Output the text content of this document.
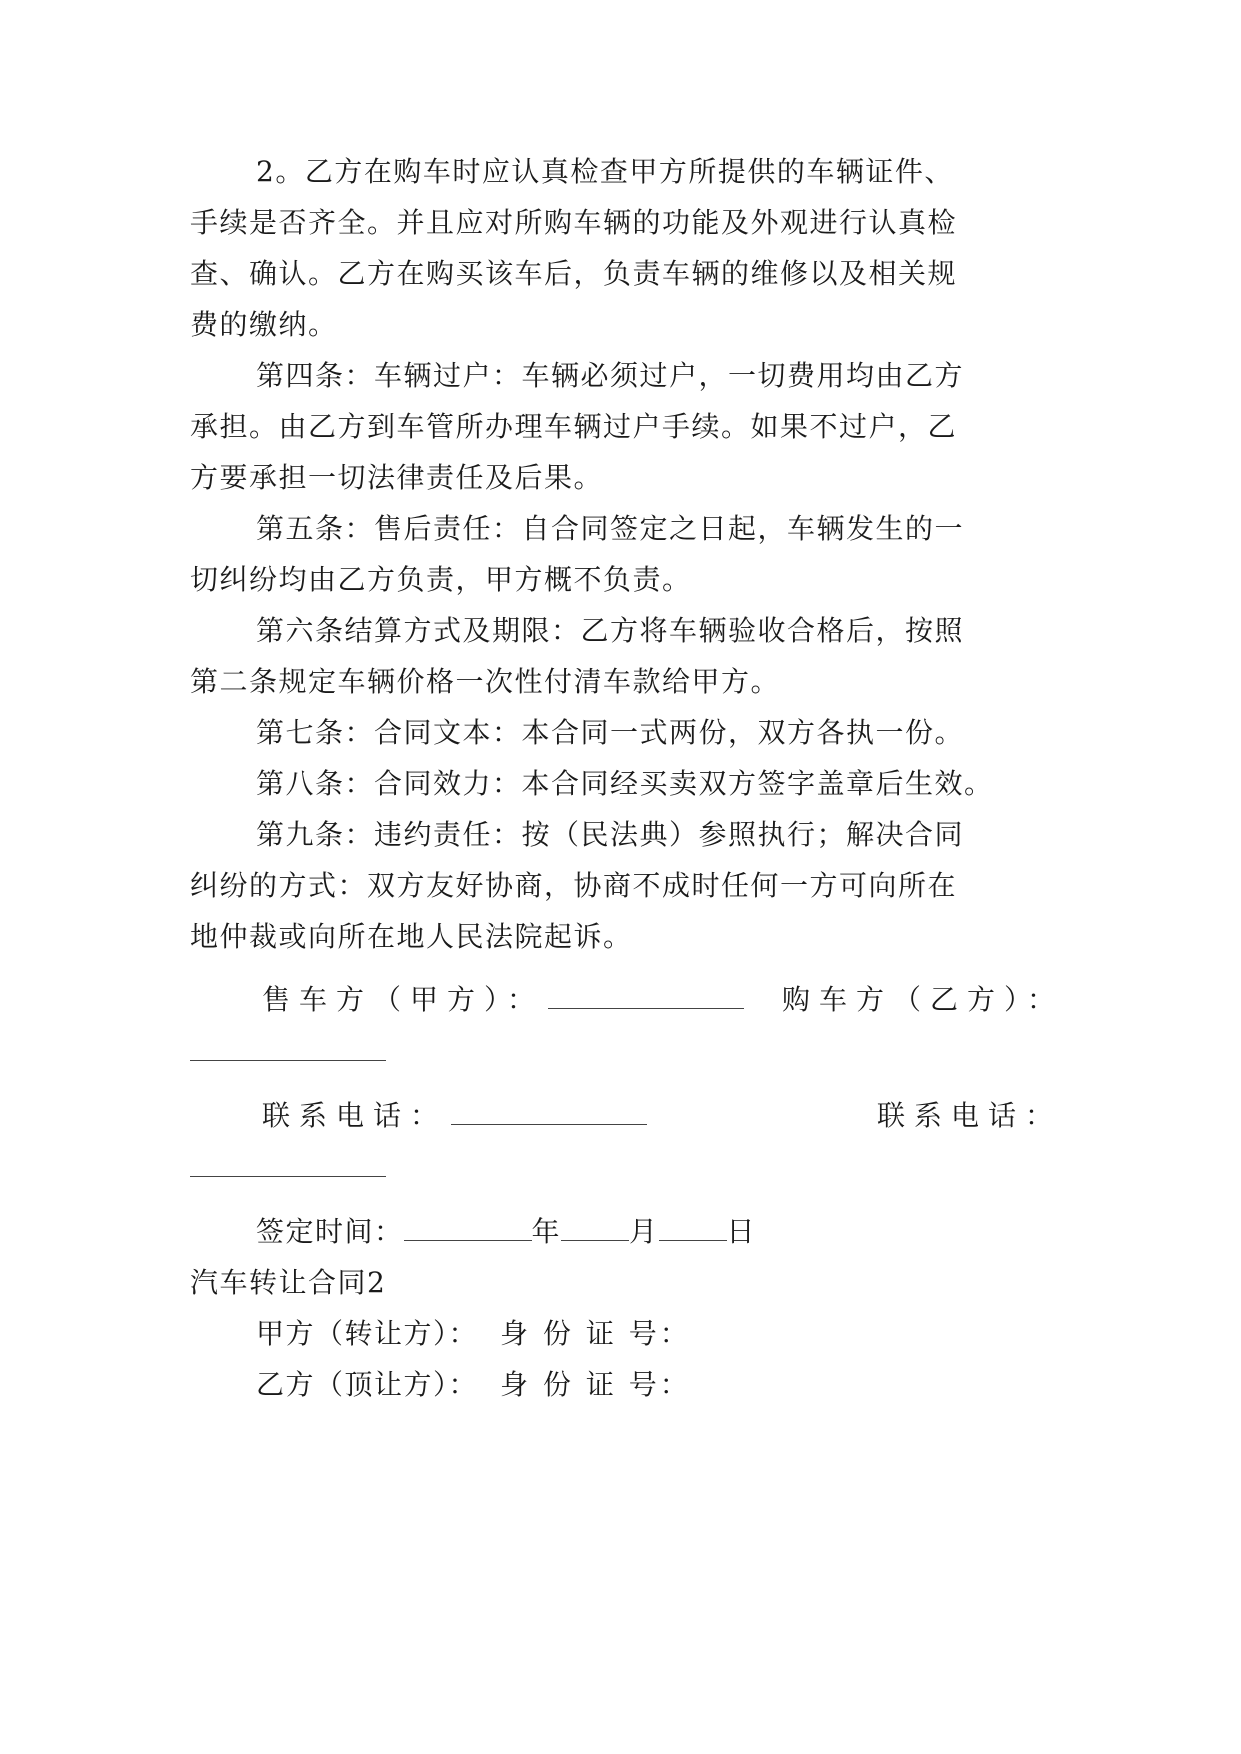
2。乙方在购车时应认真检查甲方所提供的车辆证件、
手续是否齐全。并且应对所购车辆的功能及外观进行认真检
查、确认。乙方在购买该车后，负责车辆的维修以及相关规
费的缴纳。
第四条：车辆过户：车辆必须过户，一切费用均由乙方
承担。由乙方到车管所办理车辆过户手续。如果不过户，乙
方要承担一切法律责任及后果。
第五条：售后责任：自合同签定之日起，车辆发生的一
切纠纷均由乙方负责，甲方概不负责。
第六条结算方式及期限：乙方将车辆验收合格后，按照
第二条规定车辆价格一次性付清车款给甲方。
第七条：合同文本：本合同一式两份，双方各执一份。
第八条：合同效力：本合同经买卖双方签字盖章后生效。
第九条：违约责任：按（民法典）参照执行；解决合同
纠纷的方式：双方友好协商，协商不成时任何一方可向所在
地仲裁或向所在地人民法院起诉。
售车方（甲方）：	购车方（乙方）：
联系电话：	联系电话：
签定时间：	年 月 日
汽车转让合同2
甲方（转让方）： 身 份 证 号：
乙方（顶让方）： 身 份 证 号：
